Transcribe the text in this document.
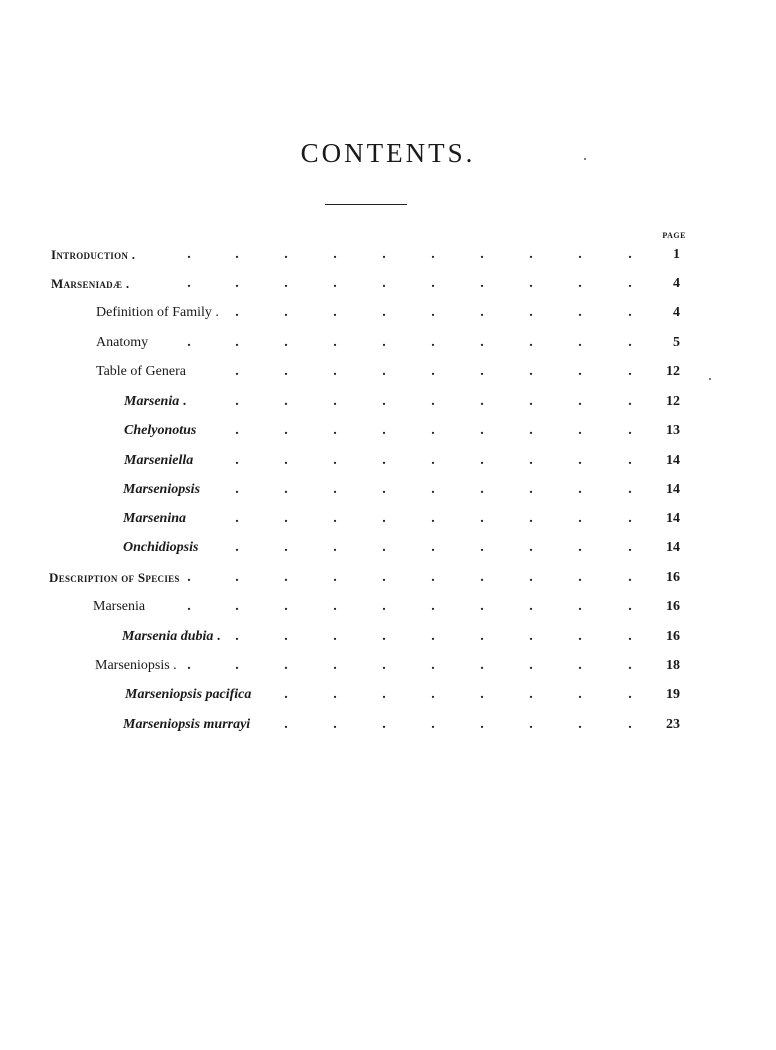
CONTENTS.
PAGE
Introduction .	1
.	.	.	.	.	.	.	.	.	.
Marseniadæ .	4
.	.	.	.	.	.	.	.	.	.
Definition of Family .	4
.	.	.	.	.	.	.	.	.
Anatomy	5
.	.	.	.	.	.	.	.	.	.
Table of Genera	12
.	.	.	.	.	.	.	.	.
Marsenia .	12
.	.	.	.	.	.	.	.	.
Chelyonotus	13
.	.	.	.	.	.	.	.	.
Marseniella	14
.	.	.	.	.	.	.	.	.
Marseniopsis	14
.	.	.	.	.	.	.	.	.
Marsenina	14
.	.	.	.	.	.	.	.	.
Onchidiopsis	14
.	.	.	.	.	.	.	.	.
Description of Species	16
.	.	.	.	.	.	.	.	.	.
Marsenia	16
.	.	.	.	.	.	.	.	.	.
Marsenia dubia .	16
.	.	.	.	.	.	.	.	.
Marseniopsis .	18
.	.	.	.	.	.	.	.	.	.
Marseniopsis pacifica	19
.	.	.	.	.	.	.	.
Marseniopsis murrayi	23
.	.	.	.	.	.	.	.
